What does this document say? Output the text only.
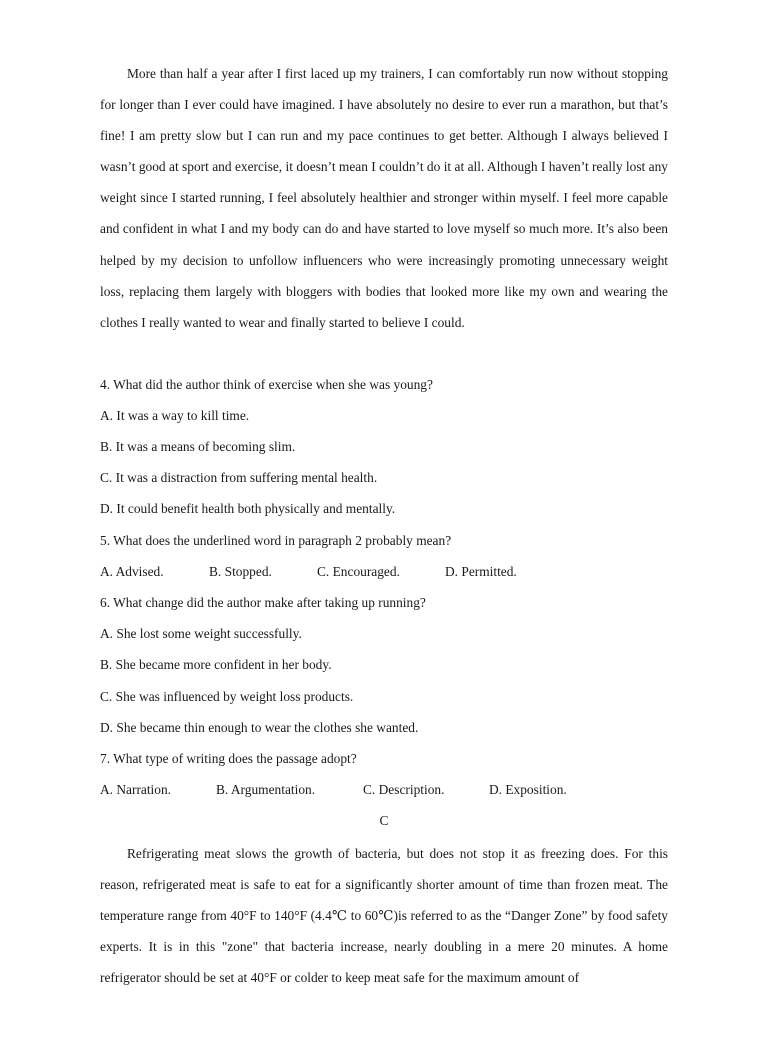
More than half a year after I first laced up my trainers, I can comfortably run now without stopping for longer than I ever could have imagined. I have absolutely no desire to ever run a marathon, but that’s fine! I am pretty slow but I can run and my pace continues to get better. Although I always believed I wasn’t good at sport and exercise, it doesn’t mean I couldn’t do it at all. Although I haven’t really lost any weight since I started running, I feel absolutely healthier and stronger within myself. I feel more capable and confident in what I and my body can do and have started to love myself so much more. It’s also been helped by my decision to unfollow influencers who were increasingly promoting unnecessary weight loss, replacing them largely with bloggers with bodies that looked more like my own and wearing the clothes I really wanted to wear and finally started to believe I could.

4. What did the author think of exercise when she was young?
A. It was a way to kill time.
B. It was a means of becoming slim.
C. It was a distraction from suffering mental health.
D. It could benefit health both physically and mentally.
5. What does the underlined word in paragraph 2 probably mean?
A. Advised.	B. Stopped.	C. Encouraged.	D. Permitted.
6. What change did the author make after taking up running?
A. She lost some weight successfully.
B. She became more confident in her body.
C. She was influenced by weight loss products.
D. She became thin enough to wear the clothes she wanted.
7. What type of writing does the passage adopt?
A. Narration.	B. Argumentation.	C. Description.	D. Exposition.
C

Refrigerating meat slows the growth of bacteria, but does not stop it as freezing does. For this reason, refrigerated meat is safe to eat for a significantly shorter amount of time than frozen meat. The temperature range from 40°F to 140°F (4.4℃ to 60℃)is referred to as the “Danger Zone” by food safety experts. It is in this "zone" that bacteria increase, nearly doubling in a mere 20 minutes. A home refrigerator should be set at 40°F or colder to keep meat safe for the maximum amount of
